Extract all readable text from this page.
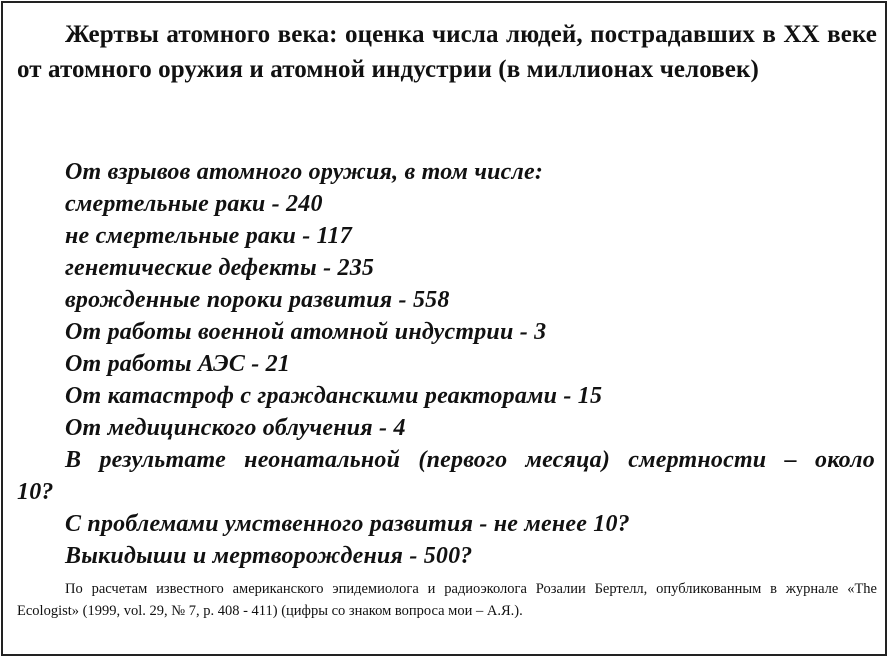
Жертвы атомного века: оценка числа людей, пострадавших в XX веке от атомного оружия и атомной индустрии (в миллионах человек)

От взрывов атомного оружия, в том числе:
смертельные раки - 240
не смертельные раки - 117
генетические дефекты - 235
врожденные пороки развития - 558
От работы военной атомной индустрии - 3
От работы АЭС - 21
От катастроф с гражданскими реакторами - 15
От медицинского облучения - 4
В результате неонатальной (первого месяца) смертности – около 10?
С проблемами умственного развития - не менее 10?
Выкидыши и мертворождения - 500?

По расчетам известного американского эпидемиолога и радиоэколога Розалии Бертелл, опубликованным в журнале «The Ecologist» (1999, vol. 29, № 7, p. 408 - 411) (цифры со знаком вопроса мои – А.Я.).
